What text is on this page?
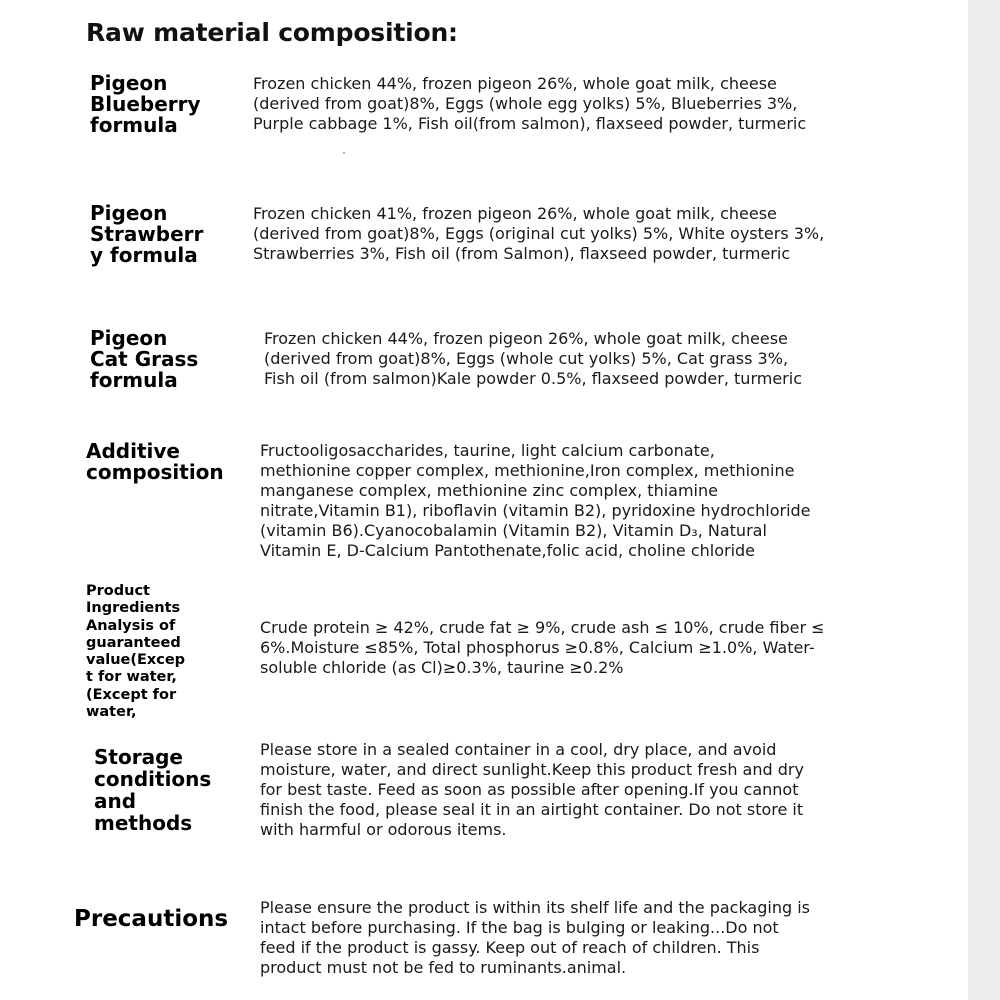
Raw material composition:
Pigeon
Blueberry
formula
Frozen chicken 44%, frozen pigeon 26%, whole goat milk, cheese
(derived from goat)8%, Eggs (whole egg yolks) 5%, Blueberries 3%,
Purple cabbage 1%, Fish oil(from salmon), flaxseed powder, turmeric
Pigeon
Strawberr
y formula
Frozen chicken 41%, frozen pigeon 26%, whole goat milk, cheese
(derived from goat)8%, Eggs (original cut yolks) 5%, White oysters 3%,
Strawberries 3%, Fish oil (from Salmon), flaxseed powder, turmeric
Pigeon
Cat Grass
formula
Frozen chicken 44%, frozen pigeon 26%, whole goat milk, cheese
(derived from goat)8%, Eggs (whole cut yolks) 5%, Cat grass 3%,
Fish oil (from salmon)Kale powder 0.5%, flaxseed powder, turmeric
Additive
composition
Fructooligosaccharides, taurine, light calcium carbonate,
methionine copper complex, methionine,Iron complex, methionine
manganese complex, methionine zinc complex, thiamine
nitrate,Vitamin B1), riboflavin (vitamin B2), pyridoxine hydrochloride
(vitamin B6).Cyanocobalamin (Vitamin B2), Vitamin D₃, Natural
Vitamin E, D-Calcium Pantothenate,folic acid, choline chloride
Product
Ingredients
Analysis of
guaranteed
value(Excep
t for water,
(Except for
water,
Crude protein ≥ 42%, crude fat ≥ 9%, crude ash ≤ 10%, crude fiber ≤
6%.Moisture ≤85%, Total phosphorus ≥0.8%, Calcium ≥1.0%, Water-
soluble chloride (as Cl)≥0.3%, taurine ≥0.2%
Storage
conditions
and
methods
Please store in a sealed container in a cool, dry place, and avoid
moisture, water, and direct sunlight.Keep this product fresh and dry
for best taste. Feed as soon as possible after opening.If you cannot
finish the food, please seal it in an airtight container. Do not store it
with harmful or odorous items.
Precautions Please ensure the product is within its shelf life and the packaging is
intact before purchasing. If the bag is bulging or leaking...Do not
feed if the product is gassy. Keep out of reach of children. This
product must not be fed to ruminants.animal.
